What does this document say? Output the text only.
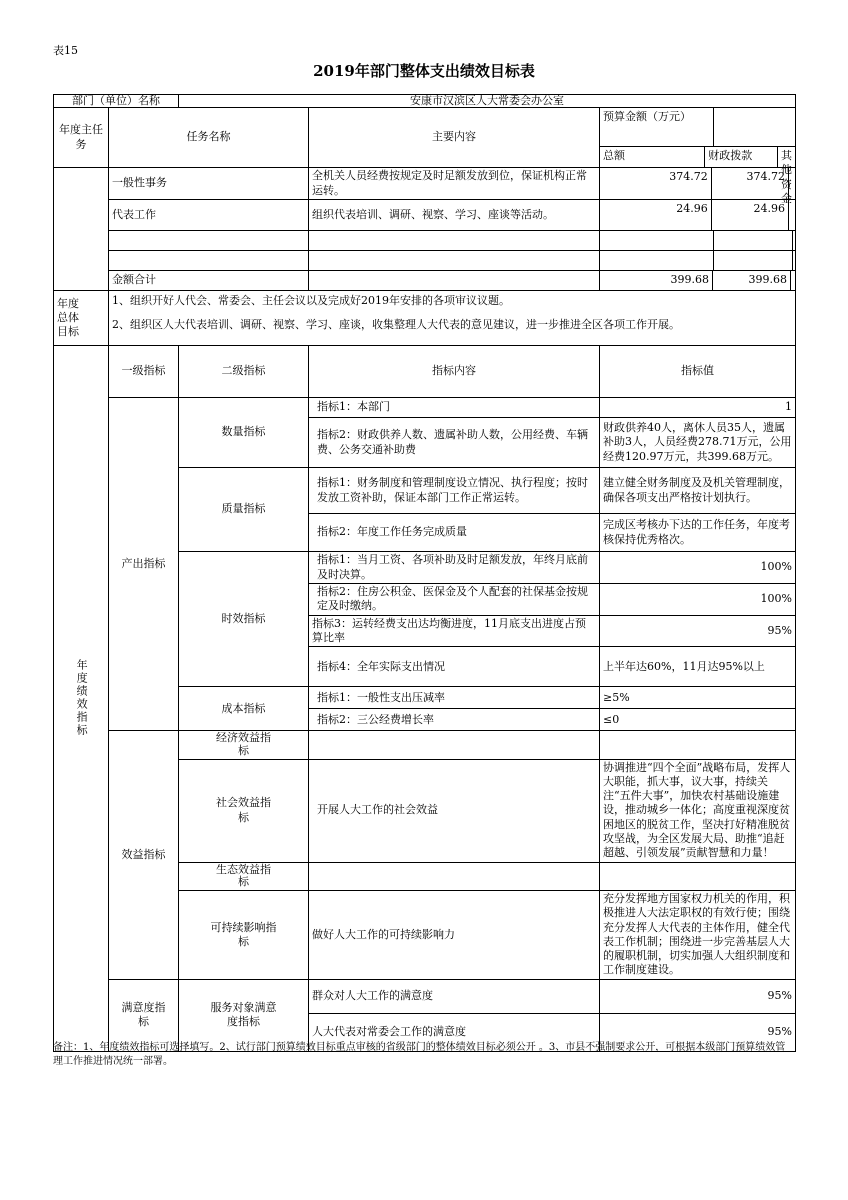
表15
2019年部门整体支出绩效目标表
部门（单位）名称		安康市汉滨区人大常委会办公室		
年度主任务	任务名称		主要内容	预算金额（万元）

				总额 财政拨款 其他资金

	一般性事务		全机关人员经费按规定及时足额发放到位，保证机构正常运转。	374.72 374.72

	代表工作		组织代表培训、调研、视察、学习、座谈等活动。	24.96 24.96

	金额合计			399.68 399.68

年度总体目标	1、组织开好人代会、常委会、主任会议以及完成好2019年安排的各项审议议题。
2、组织区人大代表培训、调研、视察、学习、座谈，收集整理人大代表的意见建议，进一步推进全区各项工作开展。			

年度绩效指标	一级指标	二级指标	指标内容	指标值
	产出指标	数量指标	指标1：本部门	1
			指标2：财政供养人数、遗属补助人数，公用经费、车辆费、公务交通补助费	财政供养40人，离休人员35人，遗属补助3人，人员经费278.71万元，公用经费120.97万元，共399.68万元。
		质量指标	指标1：财务制度和管理制度设立情况、执行程度；按时发放工资补助，保证本部门工作正常运转。	建立健全财务制度及及机关管理制度，确保各项支出严格按计划执行。
			指标2：年度工作任务完成质量	完成区考核办下达的工作任务，年度考核保持优秀格次。
		时效指标	指标1：当月工资、各项补助及时足额发放，年终月底前及时决算。	100%
			指标2：住房公积金、医保金及个人配套的社保基金按规定及时缴纳。	100%
			指标3：运转经费支出达均衡进度，11月底支出进度占预算比率	95%
			指标4：全年实际支出情况	上半年达60%，11月达95%以上
		成本指标	指标1：一般性支出压减率	≥5%
			指标2：三公经费增长率	≤0
	效益指标	经济效益指标		

		社会效益指标	开展人大工作的社会效益	协调推进“四个全面”战略布局，发挥人大职能，抓大事，议大事，持续关注“五件大事”，加快农村基础设施建设，推动城乡一体化；高度重视深度贫困地区的脱贫工作，坚决打好精准脱贫攻坚战，为全区发展大局、助推“追赶超越、引领发展”贡献智慧和力量！

		生态效益指标		

		可持续影响指标	做好人大工作的可持续影响力	充分发挥地方国家权力机关的作用，积极推进人大法定职权的有效行使；围绕充分发挥人大代表的主体作用，健全代表工作机制；围绕进一步完善基层人大的履职机制，切实加强人大组织制度和工作制度建设。

	满意度指标	服务对象满意度指标	群众对人大工作的满意度	95%
			人大代表对常委会工作的满意度	95%
备注：1、年度绩效指标可选择填写。2、试行部门预算绩效目标重点审核的省级部门的整体绩效目标必须公开 。3、市县不强制要求公开，可根据本级部门预算绩效管理工作推进情况统一部署。
